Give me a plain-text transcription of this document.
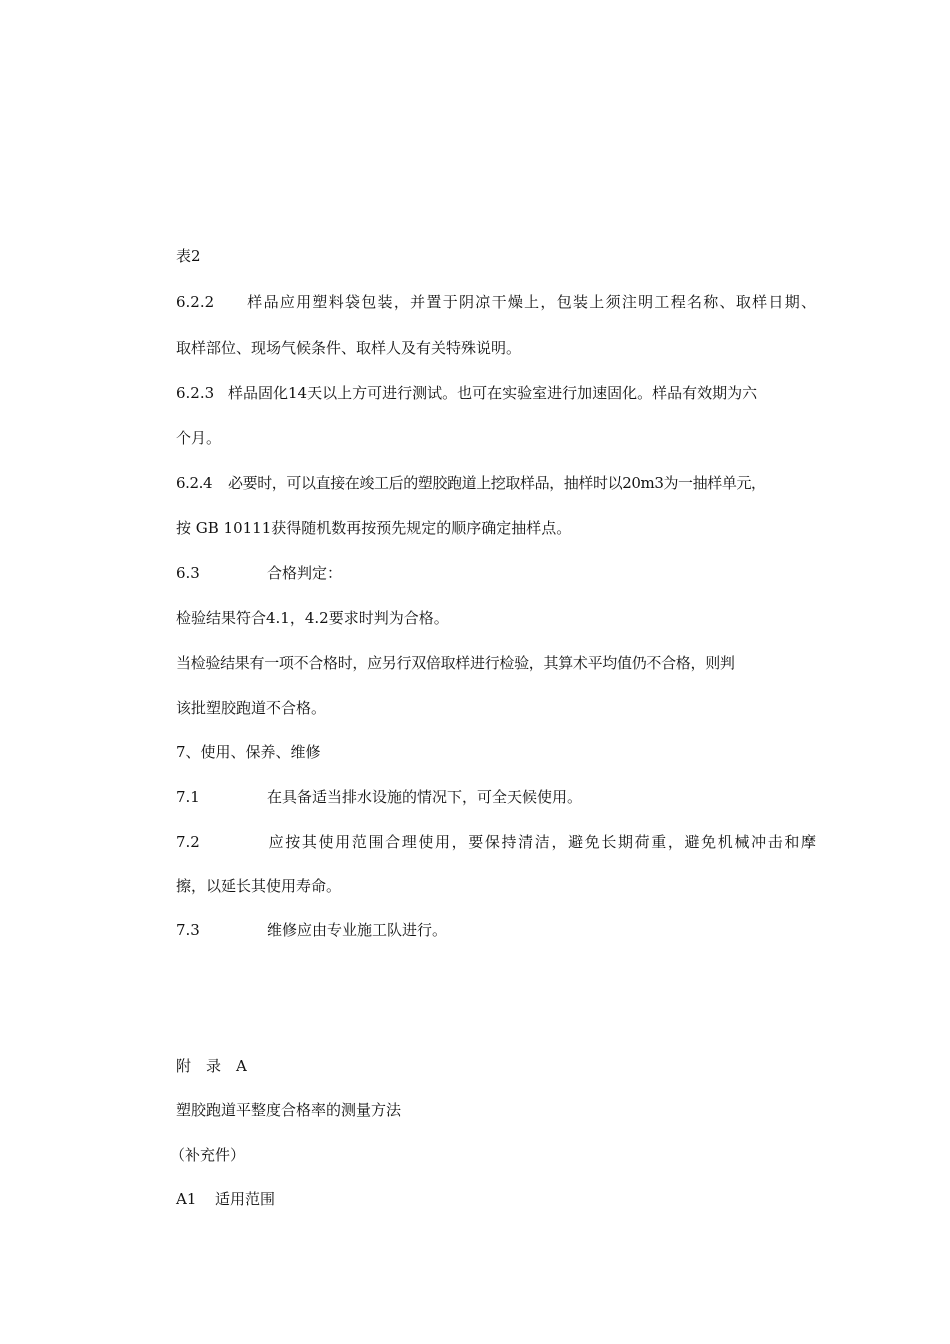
表2
6.2.2 样品应用塑料袋包装，并置于阴凉干燥上，包装上须注明工程名称、取样日期、
取样部位、现场气候条件、取样人及有关特殊说明。
6.2.3 样品固化14天以上方可进行测试。也可在实验室进行加速固化。样品有效期为六
个月。
6.2.4 必要时，可以直接在竣工后的塑胶跑道上挖取样品，抽样时以20m3为一抽样单元，
按 GB 10111获得随机数再按预先规定的顺序确定抽样点。
6.3	合格判定：
检验结果符合4.1，4.2要求时判为合格。
当检验结果有一项不合格时，应另行双倍取样进行检验，其算术平均值仍不合格，则判
该批塑胶跑道不合格。
7、使用、保养、维修
7.1	在具备适当排水设施的情况下，可全天候使用。
7.2	应按其使用范围合理使用，要保持清洁，避免长期荷重，避免机械冲击和摩
擦，以延长其使用寿命。
7.3	维修应由专业施工队进行。
附　录　A
塑胶跑道平整度合格率的测量方法
（补充件）
A1 适用范围
